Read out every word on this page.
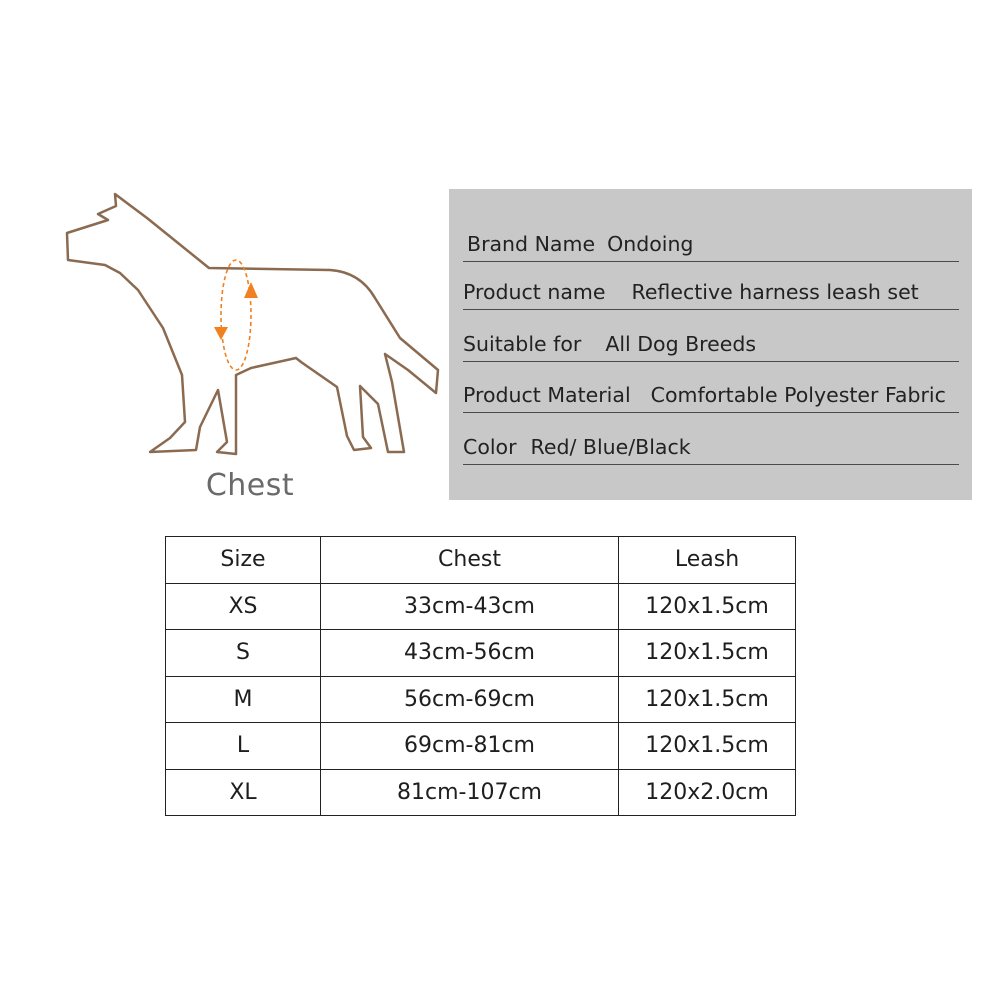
Chest
Brand Name Ondoing
Product name Reflective harness leash set
Suitable for All Dog Breeds
Product Material Comfortable Polyester Fabric
Color Red/ Blue/Black
Size	Chest	Leash
XS	33cm-43cm	120x1.5cm
S	43cm-56cm	120x1.5cm
M	56cm-69cm	120x1.5cm
L	69cm-81cm	120x1.5cm
XL	81cm-107cm	120x2.0cm
